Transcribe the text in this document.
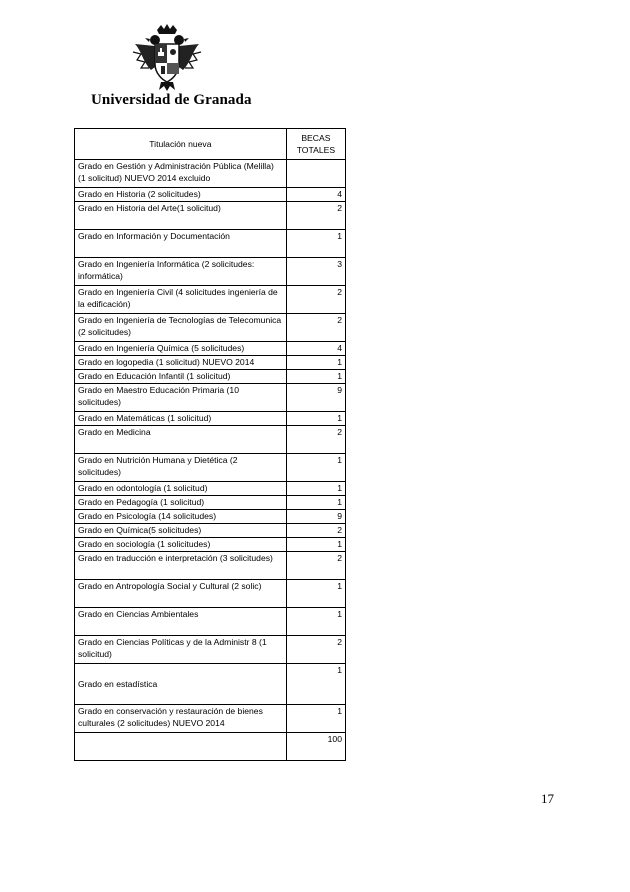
Universidad de Granada
Titulación nueva	BECAS TOTALES
Grado en Gestión y Administración Pública (Melilla) (1 solicitud) NUEVO 2014 excluido	
Grado en Historia (2 solicitudes)	4
Grado en Historia del Arte(1 solicitud)	2
Grado en Información y Documentación	1
Grado en Ingeniería Informática (2 solicitudes: informática)	3
Grado en Ingeniería Civil (4 solicitudes ingeniería de la edificación)	2
Grado en Ingeniería de Tecnologías de Telecomunica (2 solicitudes)	2
Grado en Ingeniería Química (5 solicitudes)	4
Grado en logopedia (1 solicitud) NUEVO 2014	1
Grado en Educación Infantil (1 solicitud)	1
Grado en Maestro Educación Primaria (10 solicitudes)	9
Grado en Matemáticas (1 solicitud)	1
Grado en Medicina	2
Grado en Nutrición Humana y Dietética (2 solicitudes)	1
Grado en odontología (1 solicitud)	1
Grado en Pedagogía (1 solicitud)	1
Grado en Psicología (14 solicitudes)	9
Grado en Química(5 solicitudes)	2
Grado en sociología (1 solicitudes)	1
Grado en traducción e interpretación (3 solicitudes)	2
Grado en Antropología Social y Cultural (2 solic)	1
Grado en Ciencias Ambientales	1
Grado en Ciencias Políticas y de la Administr 8 (1 solicitud)	2
Grado en estadística	1
Grado en conservación y restauración de bienes culturales (2 solicitudes) NUEVO 2014	1
	100
17
